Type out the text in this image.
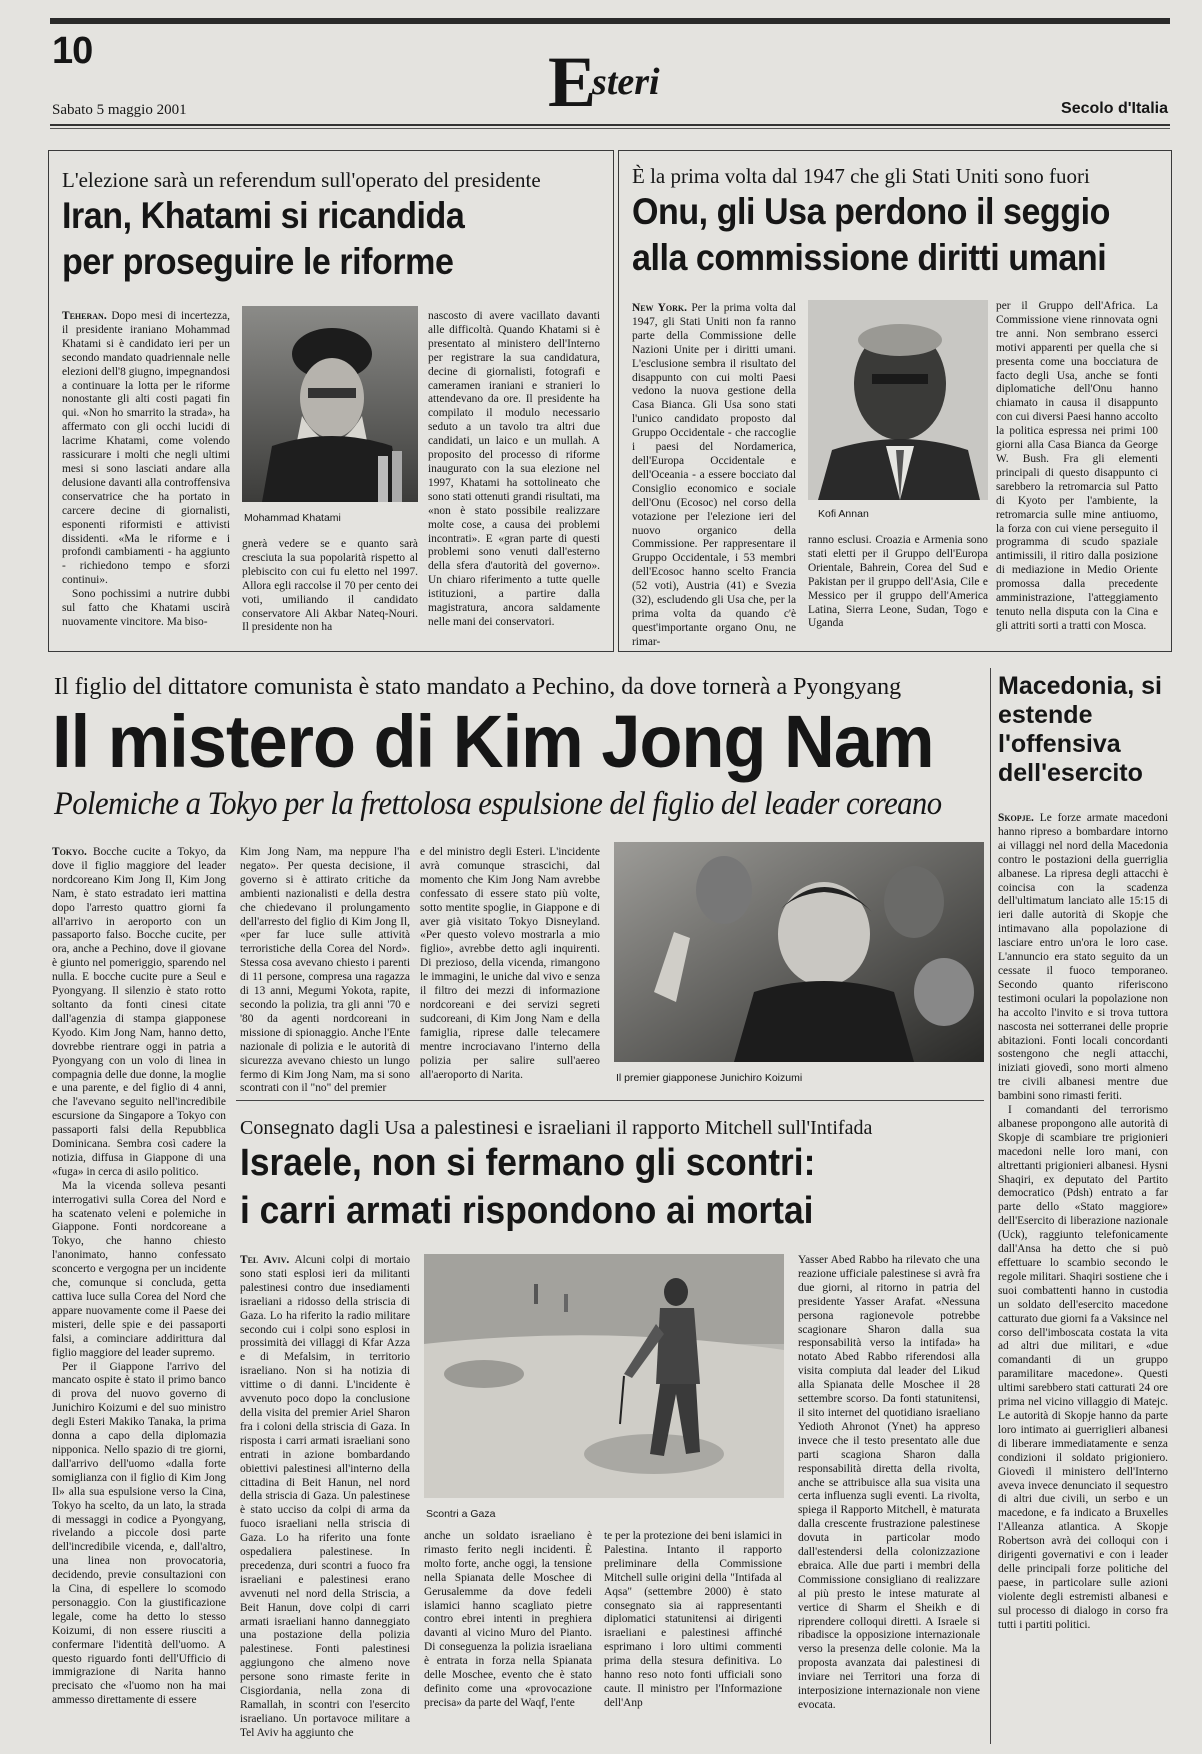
10	Esteri
Sabato 5 maggio 2001	Secolo d'Italia
L'elezione sarà un referendum sull'operato del presidente
Iran, Khatami si ricandida
per proseguire le riforme
Teheran. Dopo mesi di incertezza, il presidente iraniano Mohammad Khatami si è candidato ieri per un secondo mandato quadriennale nelle elezioni dell'8 giugno, impegnandosi a continuare la lotta per le riforme nonostante gli alti costi pagati fin qui. «Non ho smarrito la strada», ha affermato con gli occhi lucidi di lacrime Khatami, come volendo rassicurare i molti che negli ultimi mesi si sono lasciati andare alla delusione davanti alla controffensiva conservatrice che ha portato in carcere decine di giornalisti, esponenti riformisti e attivisti dissidenti. «Ma le riforme e i profondi cambiamenti - ha aggiunto - richiedono tempo e sforzi continui».
Sono pochissimi a nutrire dubbi sul fatto che Khatami uscirà nuovamente vincitore. Ma biso-
Mohammad Khatami
gnerà vedere se e quanto sarà cresciuta la sua popolarità rispetto al plebiscito con cui fu eletto nel 1997. Allora egli raccolse il 70 per cento dei voti, umiliando il candidato conservatore Ali Akbar Nateq-Nouri. Il presidente non ha
nascosto di avere vacillato davanti alle difficoltà. Quando Khatami si è presentato al ministero dell'Interno per registrare la sua candidatura, decine di giornalisti, fotografi e cameramen iraniani e stranieri lo attendevano da ore. Il presidente ha compilato il modulo necessario seduto a un tavolo tra altri due candidati, un laico e un mullah. A proposito del processo di riforme inaugurato con la sua elezione nel 1997, Khatami ha sottolineato che sono stati ottenuti grandi risultati, ma «non è stato possibile realizzare molte cose, a causa dei problemi incontrati». E «gran parte di questi problemi sono venuti dall'esterno della sfera d'autorità del governo». Un chiaro riferimento a tutte quelle istituzioni, a partire dalla magistratura, ancora saldamente nelle mani dei conservatori.
È la prima volta dal 1947 che gli Stati Uniti sono fuori
Onu, gli Usa perdono il seggio
alla commissione diritti umani
New York. Per la prima volta dal 1947, gli Stati Uniti non fa ranno parte della Commissione delle Nazioni Unite per i diritti umani. L'esclusione sembra il risultato del disappunto con cui molti Paesi vedono la nuova gestione della Casa Bianca. Gli Usa sono stati l'unico candidato proposto dal Gruppo Occidentale - che raccoglie i paesi del Nordamerica, dell'Europa Occidentale e dell'Oceania - a essere bocciato dal Consiglio economico e sociale dell'Onu (Ecosoc) nel corso della votazione per l'elezione ieri del nuovo organico della Commissione. Per rappresentare il Gruppo Occidentale, i 53 membri dell'Ecosoc hanno scelto Francia (52 voti), Austria (41) e Svezia (32), escludendo gli Usa che, per la prima volta da quando c'è quest'importante organo Onu, ne rimar-
Kofi Annan
ranno esclusi. Croazia e Armenia sono stati eletti per il Gruppo dell'Europa Orientale, Bahrein, Corea del Sud e Pakistan per il gruppo dell'Asia, Cile e Messico per il gruppo dell'America Latina, Sierra Leone, Sudan, Togo e Uganda
per il Gruppo dell'Africa. La Commissione viene rinnovata ogni tre anni. Non sembrano esserci motivi apparenti per quella che si presenta come una bocciatura de facto degli Usa, anche se fonti diplomatiche dell'Onu hanno chiamato in causa il disappunto con cui diversi Paesi hanno accolto la politica espressa nei primi 100 giorni alla Casa Bianca da George W. Bush. Fra gli elementi principali di questo disappunto ci sarebbero la retromarcia sul Patto di Kyoto per l'ambiente, la retromarcia sulle mine antiuomo, la forza con cui viene perseguito il programma di scudo spaziale antimissili, il ritiro dalla posizione di mediazione in Medio Oriente promossa dalla precedente amministrazione, l'atteggiamento tenuto nella disputa con la Cina e gli attriti sorti a tratti con Mosca.
Il figlio del dittatore comunista è stato mandato a Pechino, da dove tornerà a Pyongyang
Il mistero di Kim Jong Nam
Polemiche a Tokyo per la frettolosa espulsione del figlio del leader coreano
Tokyo. Bocche cucite a Tokyo, da dove il figlio maggiore del leader nordcoreano Kim Jong Il, Kim Jong Nam, è stato estradato ieri mattina dopo l'arresto quattro giorni fa all'arrivo in aeroporto con un passaporto falso. Bocche cucite, per ora, anche a Pechino, dove il giovane è giunto nel pomeriggio, sparendo nel nulla. E bocche cucite pure a Seul e Pyongyang. Il silenzio è stato rotto soltanto da fonti cinesi citate dall'agenzia di stampa giapponese Kyodo. Kim Jong Nam, hanno detto, dovrebbe rientrare oggi in patria a Pyongyang con un volo di linea in compagnia delle due donne, la moglie e una parente, e del figlio di 4 anni, che l'avevano seguito nell'incredibile escursione da Singapore a Tokyo con passaporti falsi della Repubblica Dominicana. Sembra così cadere la notizia, diffusa in Giappone di una «fuga» in cerca di asilo politico.
Ma la vicenda solleva pesanti interrogativi sulla Corea del Nord e ha scatenato veleni e polemiche in Giappone. Fonti nordcoreane a Tokyo, che hanno chiesto l'anonimato, hanno confessato sconcerto e vergogna per un incidente che, comunque si concluda, getta cattiva luce sulla Corea del Nord che appare nuovamente come il Paese dei misteri, delle spie e dei passaporti falsi, a cominciare addirittura dal figlio maggiore del leader supremo.
Per il Giappone l'arrivo del mancato ospite è stato il primo banco di prova del nuovo governo di Junichiro Koizumi e del suo ministro degli Esteri Makiko Tanaka, la prima donna a capo della diplomazia nipponica. Nello spazio di tre giorni, dall'arrivo dell'uomo «dalla forte somiglianza con il figlio di Kim Jong Il» alla sua espulsione verso la Cina, Tokyo ha scelto, da un lato, la strada di messaggi in codice a Pyongyang, rivelando a piccole dosi parte dell'incredibile vicenda, e, dall'altro, una linea non provocatoria, decidendo, previe consultazioni con la Cina, di espellere lo scomodo personaggio. Con la giustificazione legale, come ha detto lo stesso Koizumi, di non essere riusciti a confermare l'identità dell'uomo. A questo riguardo fonti dell'Ufficio di immigrazione di Narita hanno precisato che «l'uomo non ha mai ammesso direttamente di essere
Kim Jong Nam, ma neppure l'ha negato». Per questa decisione, il governo si è attirato critiche da ambienti nazionalisti e della destra che chiedevano il prolungamento dell'arresto del figlio di Kim Jong Il, «per far luce sulle attività terroristiche della Corea del Nord». Stessa cosa avevano chiesto i parenti di 11 persone, compresa una ragazza di 13 anni, Megumi Yokota, rapite, secondo la polizia, tra gli anni '70 e '80 da agenti nordcoreani in missione di spionaggio. Anche l'Ente nazionale di polizia e le autorità di sicurezza avevano chiesto un lungo fermo di Kim Jong Nam, ma si sono scontrati con il "no" del premier
e del ministro degli Esteri. L'incidente avrà comunque strascichi, dal momento che Kim Jong Nam avrebbe confessato di essere stato più volte, sotto mentite spoglie, in Giappone e di aver già visitato Tokyo Disneyland. «Per questo volevo mostrarla a mio figlio», avrebbe detto agli inquirenti. Di prezioso, della vicenda, rimangono le immagini, le uniche dal vivo e senza il filtro dei mezzi di informazione nordcoreani e dei servizi segreti sudcoreani, di Kim Jong Nam e della famiglia, riprese dalle telecamere mentre incrociavano l'interno della polizia per salire sull'aereo all'aeroporto di Narita.	Il premier giapponese Junichiro Koizumi
Macedonia, si estende l'offensiva dell'esercito
Skopje. Le forze armate macedoni hanno ripreso a bombardare intorno ai villaggi nel nord della Macedonia contro le postazioni della guerriglia albanese. La ripresa degli attacchi è coincisa con la scadenza dell'ultimatum lanciato alle 15:15 di ieri dalle autorità di Skopje che intimavano alla popolazione di lasciare entro un'ora le loro case. L'annuncio era stato seguito da un cessate il fuoco temporaneo. Secondo quanto riferiscono testimoni oculari la popolazione non ha accolto l'invito e si trova tuttora nascosta nei sotterranei delle proprie abitazioni. Fonti locali concordanti sostengono che negli attacchi, iniziati giovedì, sono morti almeno tre civili albanesi mentre due bambini sono rimasti feriti.
I comandanti del terrorismo albanese propongono alle autorità di Skopje di scambiare tre prigionieri macedoni nelle loro mani, con altrettanti prigionieri albanesi. Hysni Shaqiri, ex deputato del Partito democratico (Pdsh) entrato a far parte dello «Stato maggiore» dell'Esercito di liberazione nazionale (Uck), raggiunto telefonicamente dall'Ansa ha detto che si può effettuare lo scambio secondo le regole militari. Shaqiri sostiene che i suoi combattenti hanno in custodia un soldato dell'esercito macedone catturato due giorni fa a Vaksince nel corso dell'imboscata costata la vita ad altri due militari, e «due comandanti di un gruppo paramilitare macedone». Questi ultimi sarebbero stati catturati 24 ore prima nel vicino villaggio di Matejc. Le autorità di Skopje hanno da parte loro intimato ai guerriglieri albanesi di liberare immediatamente e senza condizioni il soldato prigioniero. Giovedì il ministero dell'Interno aveva invece denunciato il sequestro di altri due civili, un serbo e un macedone, e fa indicato a Bruxelles l'Alleanza atlantica. A Skopje Robertson avrà dei colloqui con i dirigenti governativi e con i leader delle principali forze politiche del paese, in particolare sulle azioni violente degli estremisti albanesi e sul processo di dialogo in corso fra tutti i partiti politici.
Consegnato dagli Usa a palestinesi e israeliani il rapporto Mitchell sull'Intifada
Israele, non si fermano gli scontri:
i carri armati rispondono ai mortai
Tel Aviv. Alcuni colpi di mortaio sono stati esplosi ieri da militanti palestinesi contro due insediamenti israeliani a ridosso della striscia di Gaza. Lo ha riferito la radio militare secondo cui i colpi sono esplosi in prossimità dei villaggi di Kfar Azza e di Mefalsim, in territorio israeliano. Non si ha notizia di vittime o di danni. L'incidente è avvenuto poco dopo la conclusione della visita del premier Ariel Sharon fra i coloni della striscia di Gaza. In risposta i carri armati israeliani sono entrati in azione bombardando obiettivi palestinesi all'interno della cittadina di Beit Hanun, nel nord della striscia di Gaza. Un palestinese è stato ucciso da colpi di arma da fuoco israeliani nella striscia di Gaza. Lo ha riferito una fonte ospedaliera palestinese. In precedenza, duri scontri a fuoco fra israeliani e palestinesi erano avvenuti nel nord della Striscia, a Beit Hanun, dove colpi di carri armati israeliani hanno danneggiato una postazione della polizia palestinese. Fonti palestinesi aggiungono che almeno nove persone sono rimaste ferite in Cisgiordania, nella zona di Ramallah, in scontri con l'esercito israeliano. Un portavoce militare a Tel Aviv ha aggiunto che
Scontri a Gaza
anche un soldato israeliano è rimasto ferito negli incidenti. È molto forte, anche oggi, la tensione nella Spianata delle Moschee di Gerusalemme da dove fedeli islamici hanno scagliato pietre contro ebrei intenti in preghiera davanti al vicino Muro del Pianto. Di conseguenza la polizia israeliana è entrata in forza nella Spianata delle Moschee, evento che è stato definito come una «provocazione precisa» da parte del Waqf, l'ente
te per la protezione dei beni islamici in Palestina. Intanto il rapporto preliminare della Commissione Mitchell sulle origini della "Intifada al Aqsa" (settembre 2000) è stato consegnato sia ai rappresentanti diplomatici statunitensi ai dirigenti israeliani e palestinesi affinché esprimano i loro ultimi commenti prima della stesura definitiva. Lo hanno reso noto fonti ufficiali sono caute. Il ministro per l'Informazione dell'Anp
Yasser Abed Rabbo ha rilevato che una reazione ufficiale palestinese si avrà fra due giorni, al ritorno in patria del presidente Yasser Arafat. «Nessuna persona ragionevole potrebbe scagionare Sharon dalla sua responsabilità verso la intifada» ha notato Abed Rabbo riferendosi alla visita compiuta dal leader del Likud alla Spianata delle Moschee il 28 settembre scorso. Da fonti statunitensi, il sito internet del quotidiano israeliano Yedioth Ahronot (Ynet) ha appreso invece che il testo presentato alle due parti scagiona Sharon dalla responsabilità diretta della rivolta, anche se attribuisce alla sua visita una certa influenza sugli eventi. La rivolta, spiega il Rapporto Mitchell, è maturata dalla crescente frustrazione palestinese dovuta in particolar modo dall'estendersi della colonizzazione ebraica. Alle due parti i membri della Commissione consigliano di realizzare al più presto le intese maturate al vertice di Sharm el Sheikh e di riprendere colloqui diretti. A Israele si ribadisce la opposizione internazionale verso la presenza delle colonie. Ma la proposta avanzata dai palestinesi di inviare nei Territori una forza di interposizione internazionale non viene evocata.
